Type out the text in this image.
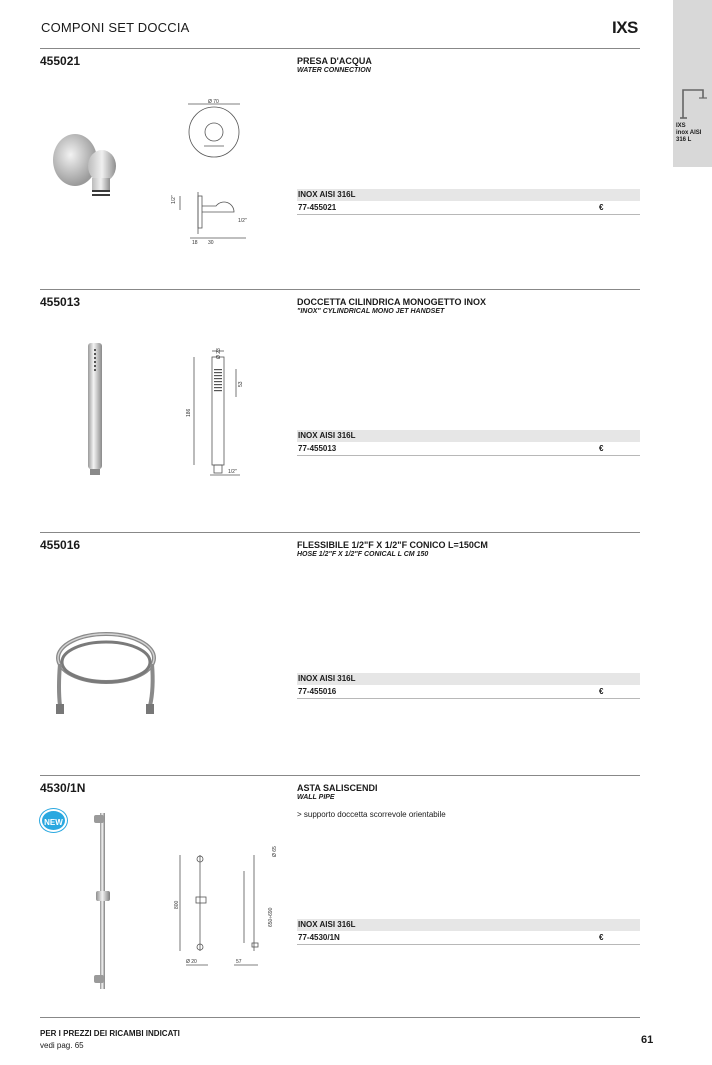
COMPONI SET DOCCIA	IXS
IXS
inox AISI
316 L
455021	PRESA D'ACQUA
WATER CONNECTION
Ø 70
1/2"
18 30
1/2"
INOX AISI 316L
77-455021	€
455013	DOCCETTA CILINDRICA MONOGETTO INOX
"INOX" CYLINDRICAL MONO JET HANDSET
Ø 23
186
53
1/2"
INOX AISI 316L
77-455013	€
455016	FLESSIBILE 1/2"F X 1/2"F CONICO L=150CM
HOSE 1/2"F X 1/2"F CONICAL L CM 150
INOX AISI 316L
77-455016	€
4530/1N	ASTA SALISCENDI
WALL PIPE
> supporto doccetta scorrevole orientabile
NEW
800
650÷690
Ø 20
Ø 65
57
INOX AISI 316L
77-4530/1N	€
PER I PREZZI DEI RICAMBI INDICATI
vedi pag. 65	61
